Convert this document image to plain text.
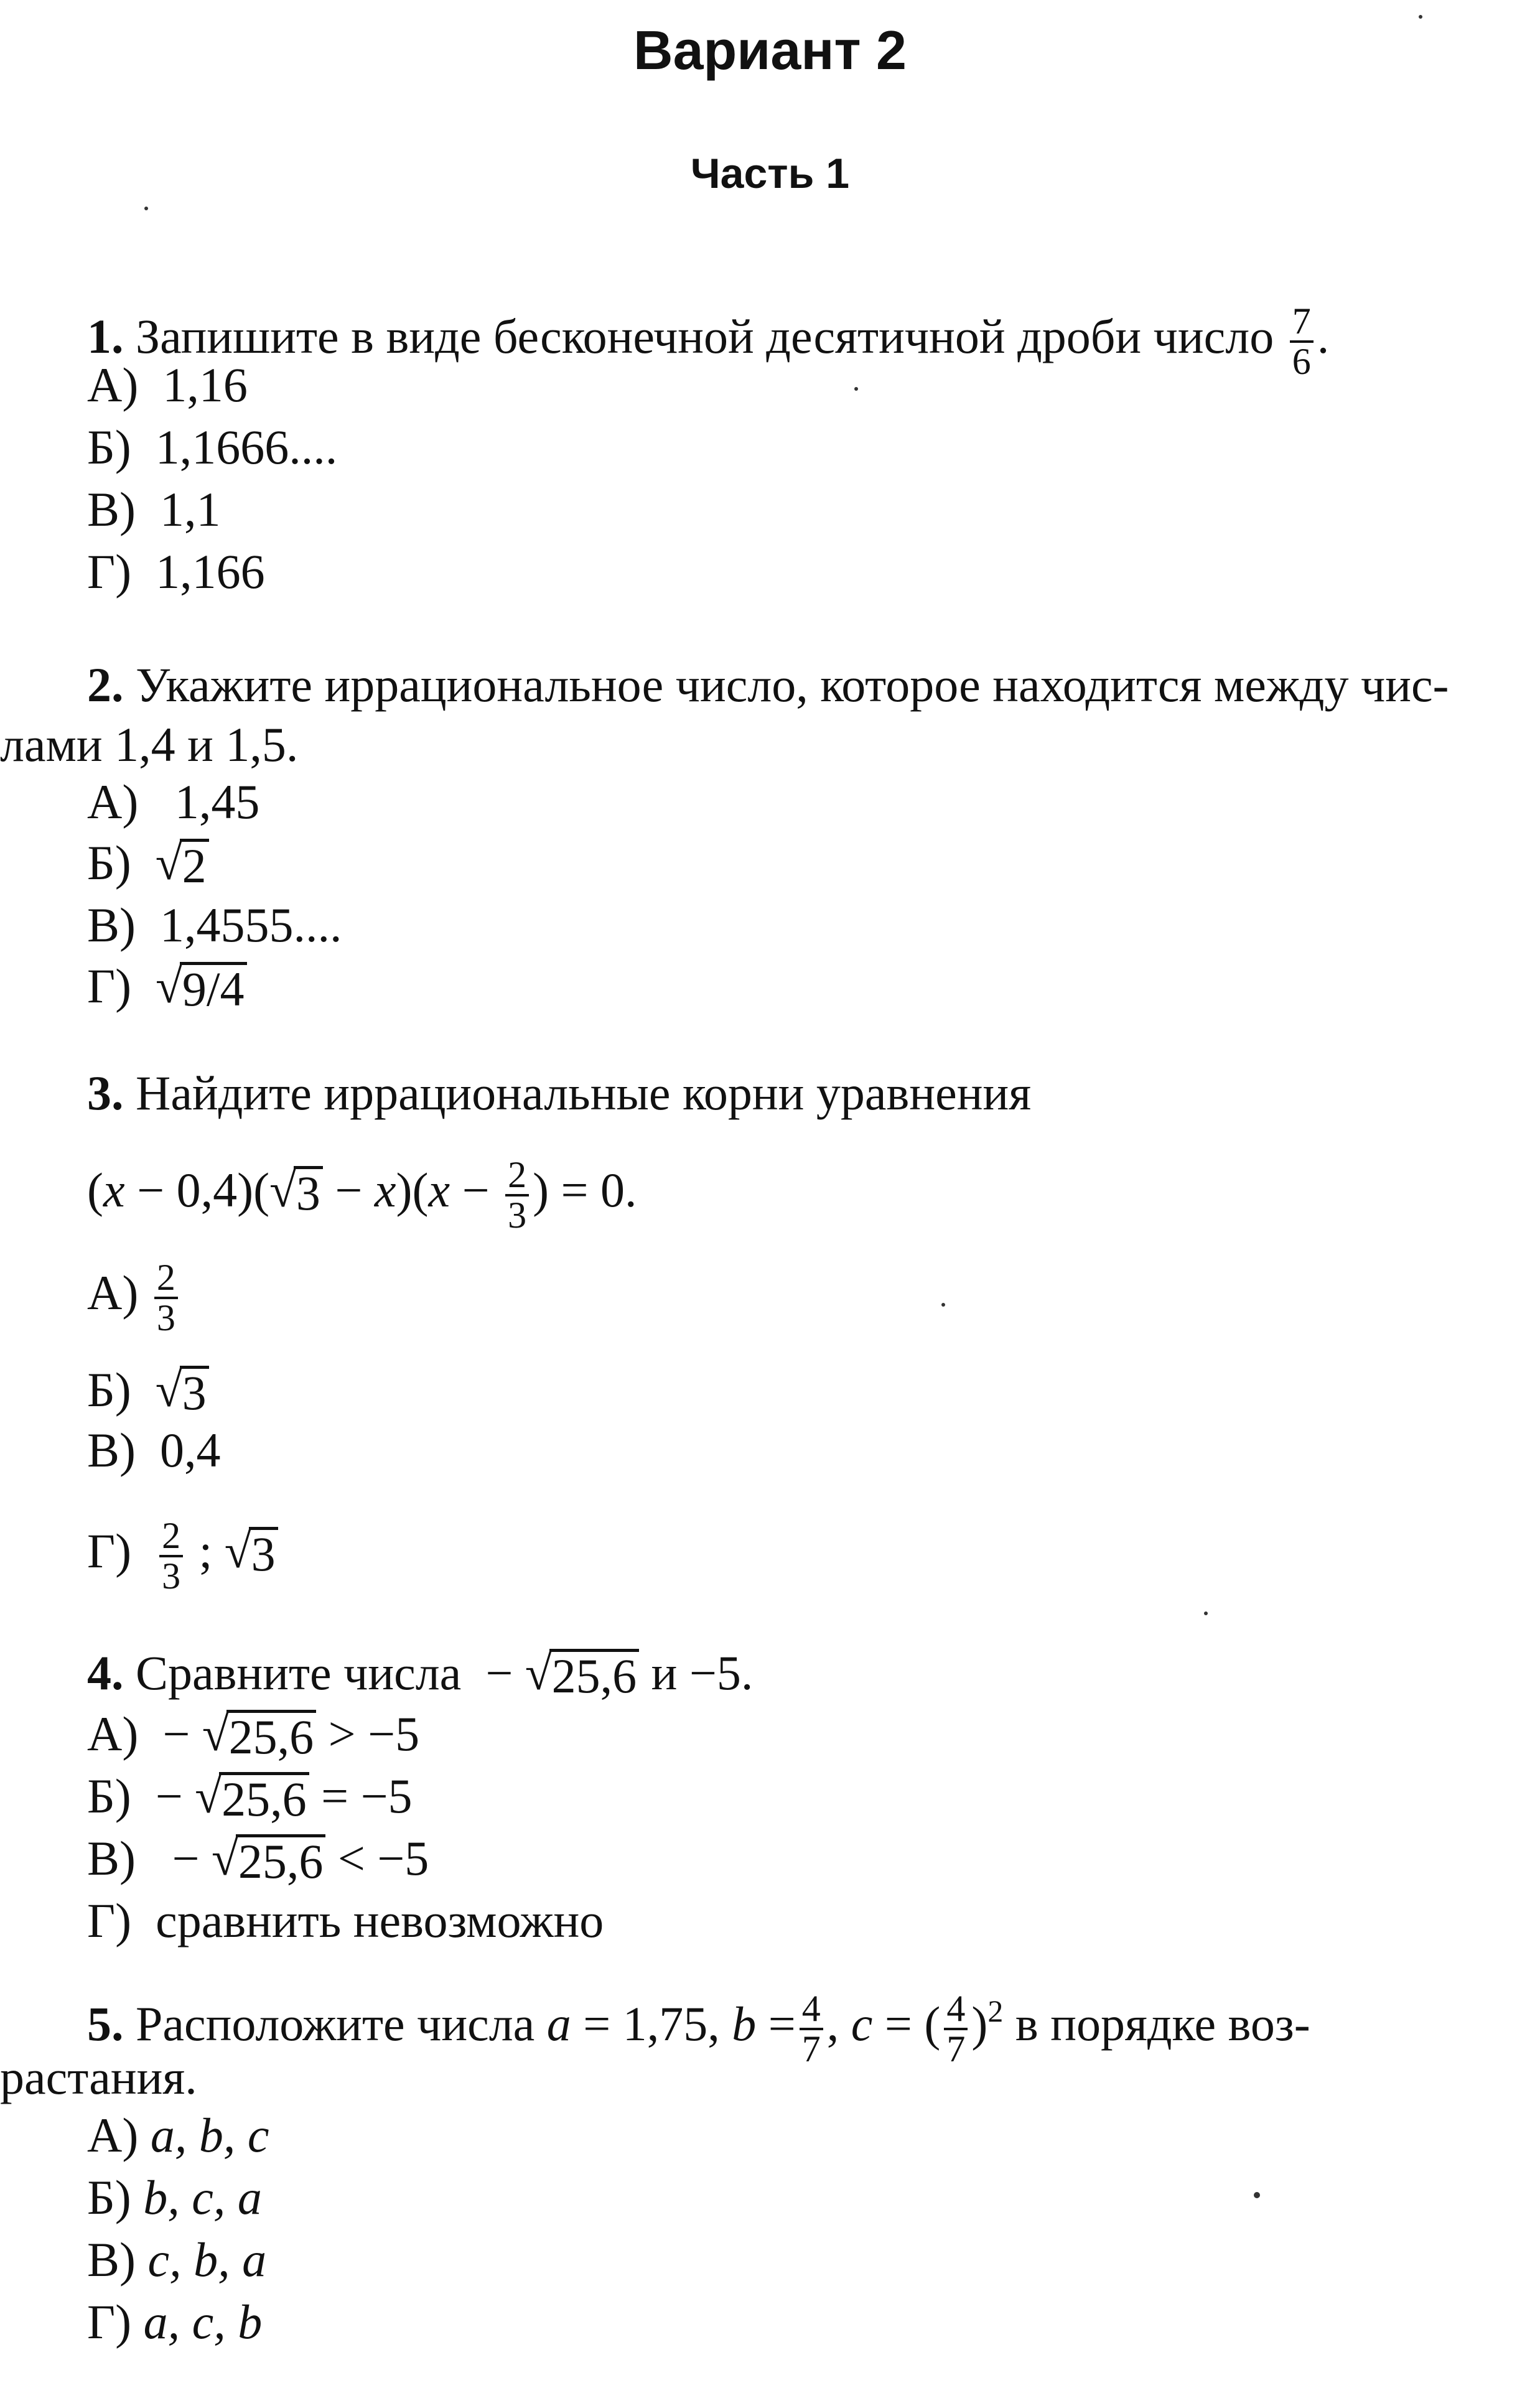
Вариант 2
Часть 1
1. Запишите в виде бесконечной десятичной дроби число $\frac{7}{6}$ .
А) 1,16
Б) 1,1666....
В) 1,1
Г) 1,166
2. Укажите иррациональное число, которое находится между чис-
лами 1,4 и 1,5.
А) 1,45
Б) √ 2
В) 1,4555....
Г) √ 9/4
3. Найдите иррациональные корни уравнения
(x − 0,4)( √ $3 - x)(x - \frac{2}{3}$ ) = 0.
$А) \frac{2}{3}$
Б) √ 3
В) 0,4
$Г) \frac{2}{3}$ ; √ 3
4. Сравните числа − √ 25,6 и −5.
А) − √ 25,6 > −5
Б) − √ 25,6 = −5
В) − √ 25,6 < −5
Г) сравнить невозможно
5. Расположите числа a = 1,75, $b = \frac{4}{7}$ , c = ( $\frac{4}{7} )^2$ в порядке воз-
растания.
А) a, b, c
Б) b, c, a
В) c, b, a
Г) a, c, b
